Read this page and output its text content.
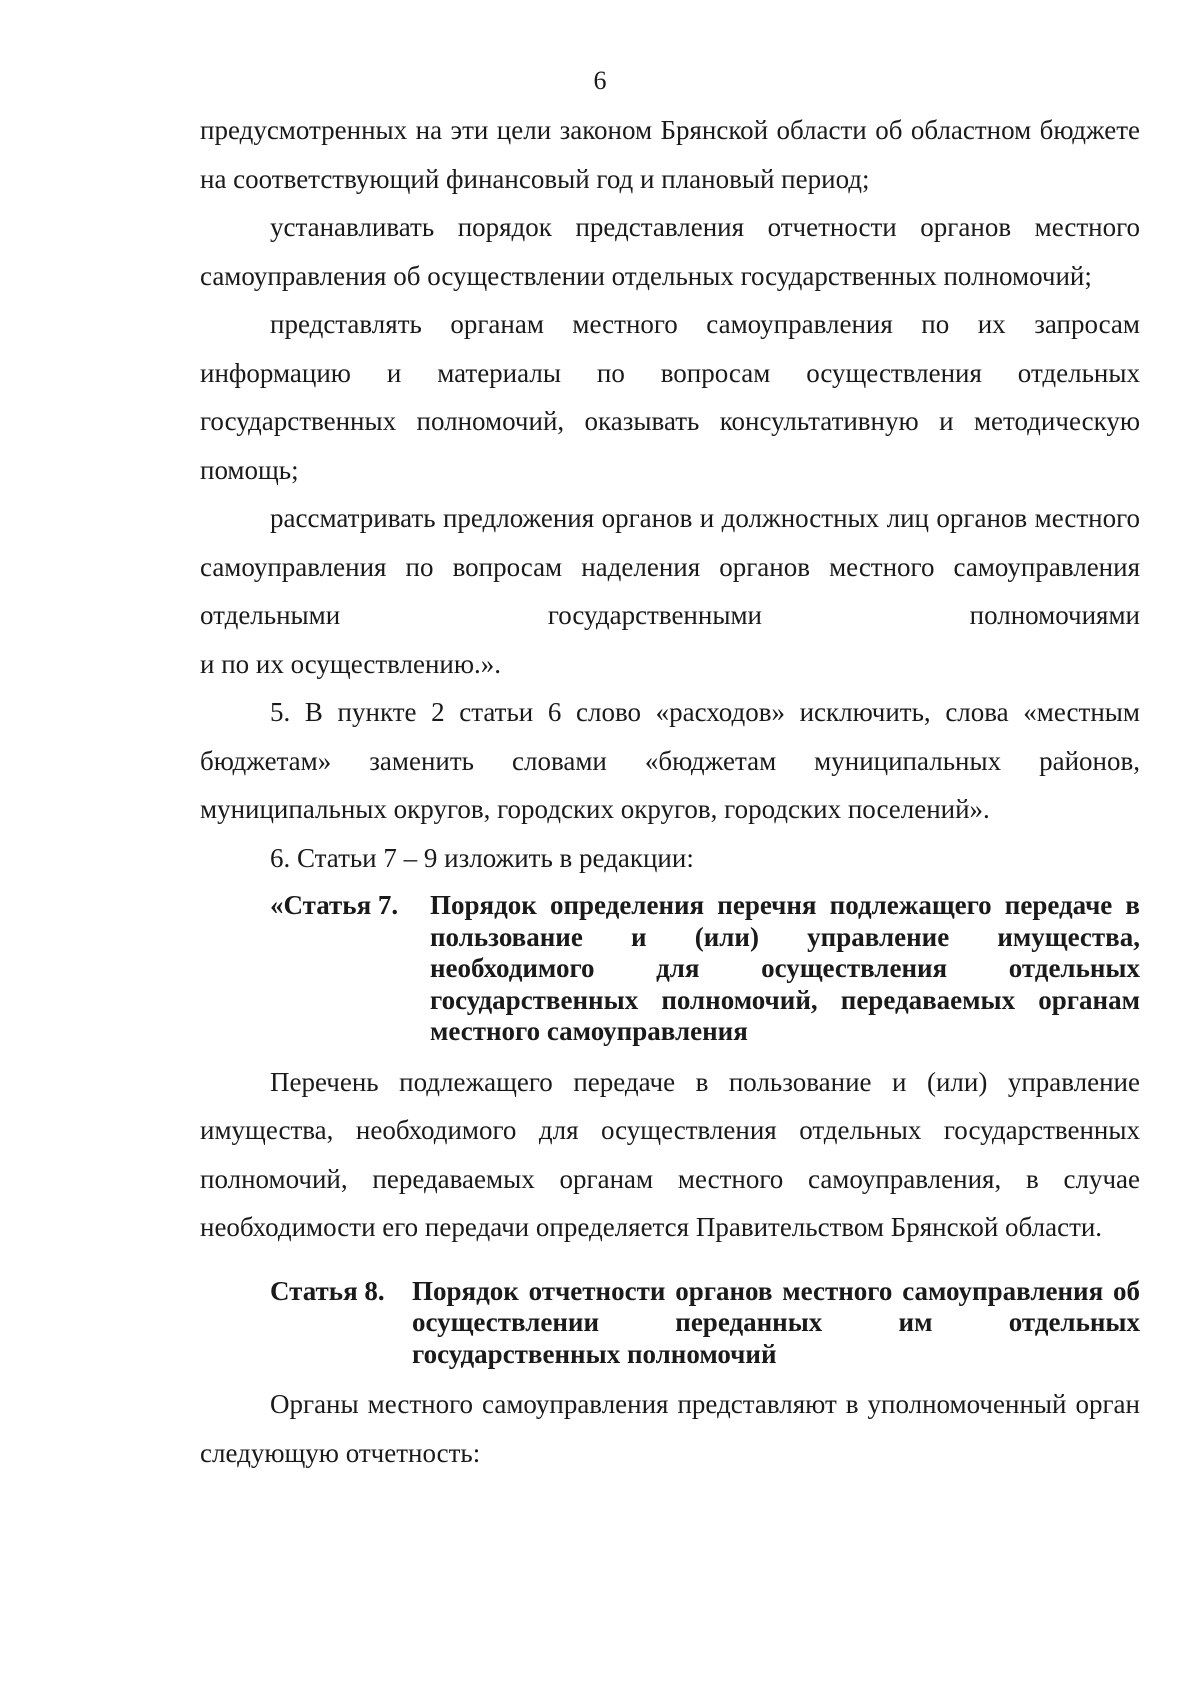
6

предусмотренных на эти цели законом Брянской области об областном бюджете на соответствующий финансовый год и плановый период;

устанавливать порядок представления отчетности органов местного самоуправления об осуществлении отдельных государственных полномочий;

представлять органам местного самоуправления по их запросам информацию и материалы по вопросам осуществления отдельных государственных полномочий, оказывать консультативную и методическую помощь;

рассматривать предложения органов и должностных лиц органов местного самоуправления по вопросам наделения органов местного самоуправления отдельными государственными полномочиями

и по их осуществлению.».

5. В пункте 2 статьи 6 слово «расходов» исключить, слова «местным бюджетам» заменить словами «бюджетам муниципальных районов, муниципальных округов, городских округов, городских поселений».

6. Статьи 7 – 9 изложить в редакции:

«Статья 7.	Порядок определения перечня подлежащего передаче в пользование и (или) управление имущества, необходимого для осуществления отдельных государственных полномочий, передаваемых органам местного самоуправления

Перечень подлежащего передаче в пользование и (или) управление имущества, необходимого для осуществления отдельных государственных полномочий, передаваемых органам местного самоуправления, в случае необходимости его передачи определяется Правительством Брянской области.

Статья 8.	Порядок отчетности органов местного самоуправления об осуществлении переданных им отдельных государственных полномочий

Органы местного самоуправления представляют в уполномоченный орган следующую отчетность:
